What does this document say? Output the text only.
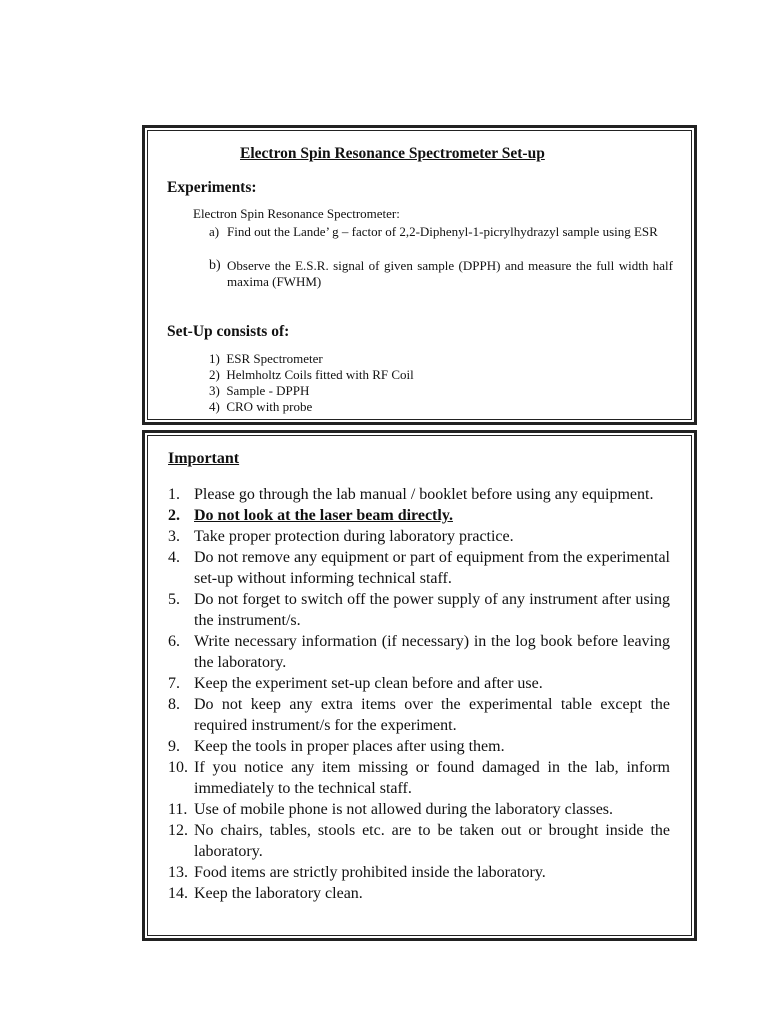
Electron Spin Resonance Spectrometer Set-up
Experiments:
Electron Spin Resonance Spectrometer:
a) Find out the Lande’ g – factor of 2,2-Diphenyl-1-picrylhydrazyl sample using ESR
b) Observe the E.S.R. signal of given sample (DPPH) and measure the full width half maxima (FWHM)
Set-Up consists of:
1)  ESR Spectrometer
2)  Helmholtz Coils fitted with RF Coil
3)  Sample - DPPH
4)  CRO with probe
Important
1. Please go through the lab manual / booklet before using any equipment.
2. Do not look at the laser beam directly.
3. Take proper protection during laboratory practice.
4. Do not remove any equipment or part of equipment from the experimental set-up without informing technical staff.
5. Do not forget to switch off the power supply of any instrument after using the instrument/s.
6. Write necessary information (if necessary) in the log book before leaving the laboratory.
7. Keep the experiment set-up clean before and after use.
8. Do not keep any extra items over the experimental table except the required instrument/s for the experiment.
9. Keep the tools in proper places after using them.
10. If you notice any item missing or found damaged in the lab, inform immediately to the technical staff.
11. Use of mobile phone is not allowed during the laboratory classes.
12. No chairs, tables, stools etc. are to be taken out or brought inside the laboratory.
13. Food items are strictly prohibited inside the laboratory.
14. Keep the laboratory clean.
